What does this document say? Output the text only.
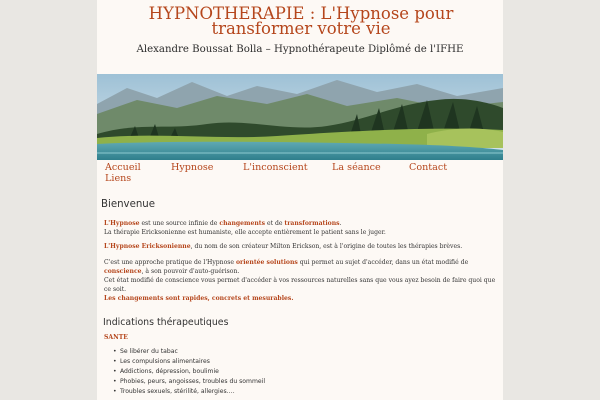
HYPNOTHERAPIE : L'Hypnose pour transformer votre vie
Alexandre Boussat Bolla – Hypnothérapeute Diplômé de l'IFHE
Accueil	Hypnose	L'inconscient	La séance	Contact
Liens
Bienvenue
L'Hypnose est une source infinie de changements et de transformations.
La thérapie Ericksonienne est humaniste, elle accepte entièrement le patient sans le juger.
L'Hypnose Ericksonienne, du nom de son créateur Milton Erickson, est à l'origine de toutes les thérapies brèves.
C'est une approche pratique de l'Hypnose orientée solutions qui permet au sujet d'accéder, dans un état modifié de conscience, à son pouvoir d'auto-guérison.
Cet état modifié de conscience vous permet d'accéder à vos ressources naturelles sans que vous ayez besoin de faire quoi que ce soit.
Les changements sont rapides, concrets et mesurables.
Indications thérapeutiques
SANTE
• Se libérer du tabac
• Les compulsions alimentaires
• Addictions, dépression, boulimie
• Phobies, peurs, angoisses, troubles du sommeil
• Troubles sexuels, stérilité, allergies….
